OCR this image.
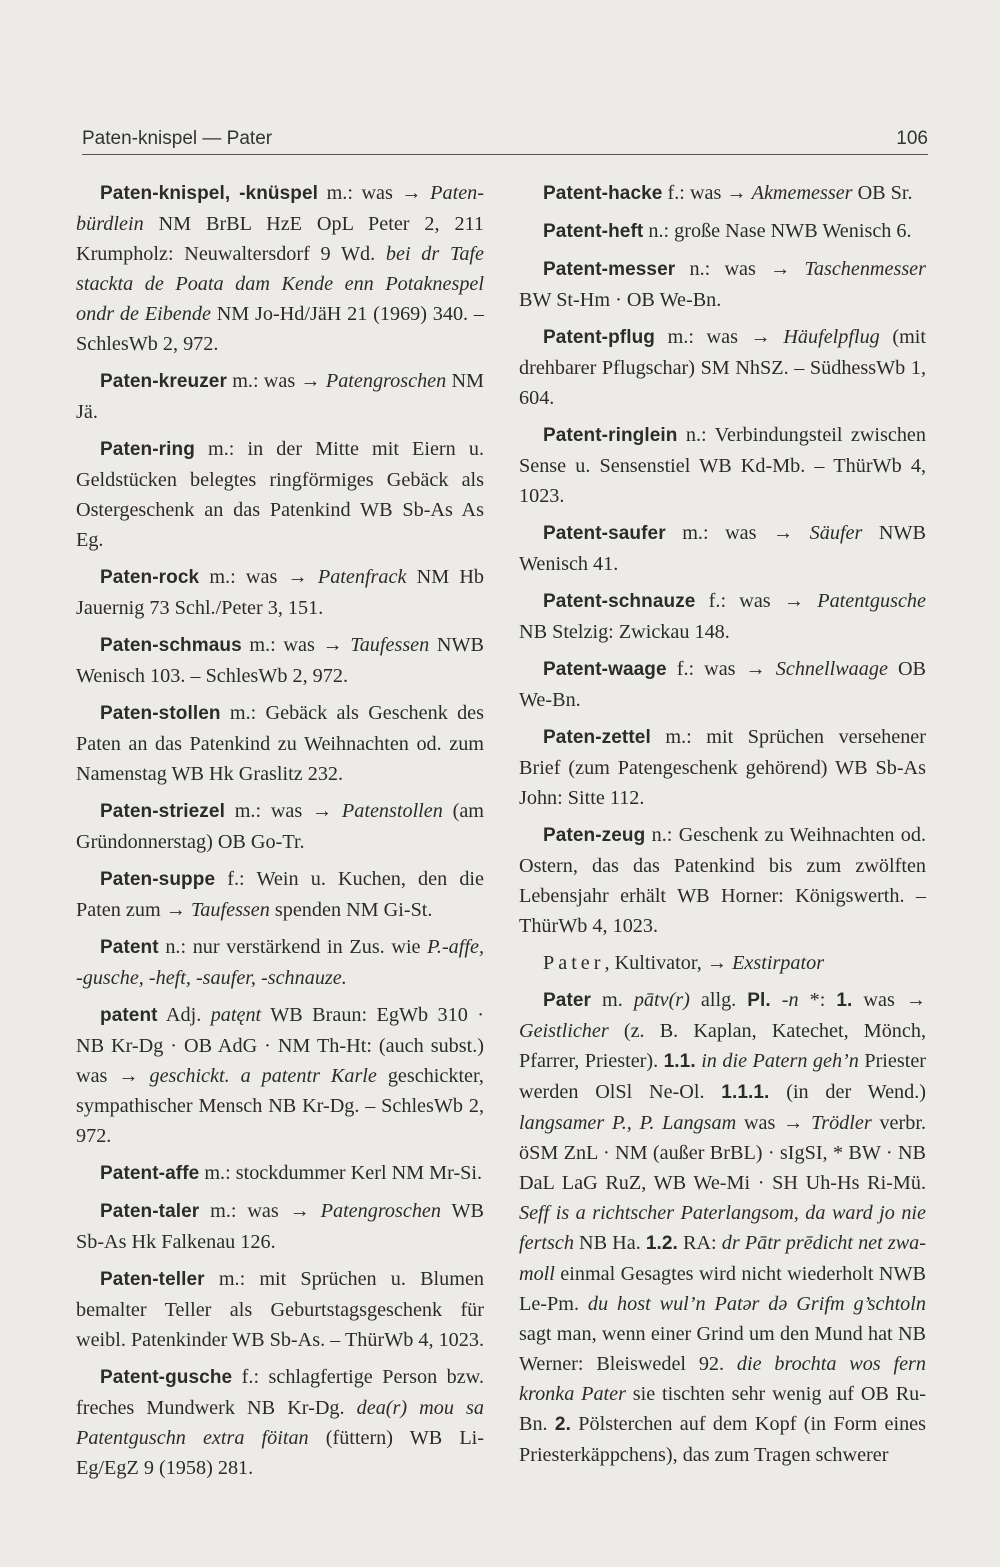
Paten-knispel — Pater	106

Paten-knispel, -knüspel m.: was → Patenbürdlein NM BrBL HzE OpL Peter 2, 211 Krumpholz: Neuwaltersdorf 9 Wd. bei dr Tafe stackta de Poata dam Kende enn Potaknespel ondr de Eibende NM Jo-Hd/JäH 21 (1969) 340. – SchlesWb 2, 972.

Paten-kreuzer m.: was → Patengroschen NM Jä.

Paten-ring m.: in der Mitte mit Eiern u. Geldstücken belegtes ringförmiges Gebäck als Ostergeschenk an das Patenkind WB Sb-As As Eg.

Paten-rock m.: was → Patenfrack NM Hb Jauernig 73 Schl./Peter 3, 151.

Paten-schmaus m.: was → Taufessen NWB Wenisch 103. – SchlesWb 2, 972.

Paten-stollen m.: Gebäck als Geschenk des Paten an das Patenkind zu Weihnachten od. zum Namenstag WB Hk Graslitz 232.

Paten-striezel m.: was → Patenstollen (am Gründonnerstag) OB Go-Tr.

Paten-suppe f.: Wein u. Kuchen, den die Paten zum → Taufessen spenden NM Gi-St.

Patent n.: nur verstärkend in Zus. wie P.-affe, -gusche, -heft, -saufer, -schnauze.

patent Adj. patęnt WB Braun: EgWb 310 · NB Kr-Dg · OB AdG · NM Th-Ht: (auch subst.) was → geschickt. a patentr Karle geschickter, sympathischer Mensch NB Kr-Dg. – SchlesWb 2, 972.

Patent-affe m.: stockdummer Kerl NM Mr-Si.

Paten-taler m.: was → Patengroschen WB Sb-As Hk Falkenau 126.

Paten-teller m.: mit Sprüchen u. Blumen bemalter Teller als Geburtstagsgeschenk für weibl. Patenkinder WB Sb-As. – ThürWb 4, 1023.

Patent-gusche f.: schlagfertige Person bzw. freches Mundwerk NB Kr-Dg. dea(r) mou sa Patentguschn extra föitan (füttern) WB Li-Eg/EgZ 9 (1958) 281.

Patent-hacke f.: was → Akmemesser OB Sr.

Patent-heft n.: große Nase NWB Wenisch 6.

Patent-messer n.: was → Taschenmesser BW St-Hm · OB We-Bn.

Patent-pflug m.: was → Häufelpflug (mit drehbarer Pflugschar) SM NhSZ. – SüdhessWb 1, 604.

Patent-ringlein n.: Verbindungsteil zwischen Sense u. Sensenstiel WB Kd-Mb. – ThürWb 4, 1023.

Patent-saufer m.: was → Säufer NWB Wenisch 41.

Patent-schnauze f.: was → Patentgusche NB Stelzig: Zwickau 148.

Patent-waage f.: was → Schnellwaage OB We-Bn.

Paten-zettel m.: mit Sprüchen versehener Brief (zum Patengeschenk gehörend) WB Sb-As John: Sitte 112.

Paten-zeug n.: Geschenk zu Weihnachten od. Ostern, das das Patenkind bis zum zwölften Lebensjahr erhält WB Horner: Königswerth. – ThürWb 4, 1023.

Pater, Kultivator, → Exstirpator

Pater m. pātv(r) allg. Pl. -n *: 1. was → Geistlicher (z. B. Kaplan, Katechet, Mönch, Pfarrer, Priester). 1.1. in die Patern geh’n Priester werden OlSl Ne-Ol. 1.1.1. (in der Wend.) langsamer P., P. Langsam was → Trödler verbr. öSM ZnL · NM (außer BrBL) · sIgSI, * BW · NB DaL LaG RuZ, WB We-Mi · SH Uh-Hs Ri-Mü. Seff is a richtscher Paterlangsom, da ward jo nie fertsch NB Ha. 1.2. RA: dr Pātr prēdicht net zwamoll einmal Gesagtes wird nicht wiederholt NWB Le-Pm. du host wul’n Patər də Grifm g’schtoln sagt man, wenn einer Grind um den Mund hat NB Werner: Bleiswedel 92. die brochta wos fern kronka Pater sie tischten sehr wenig auf OB Ru-Bn. 2. Pölsterchen auf dem Kopf (in Form eines Priesterkäppchens), das zum Tragen schwerer
